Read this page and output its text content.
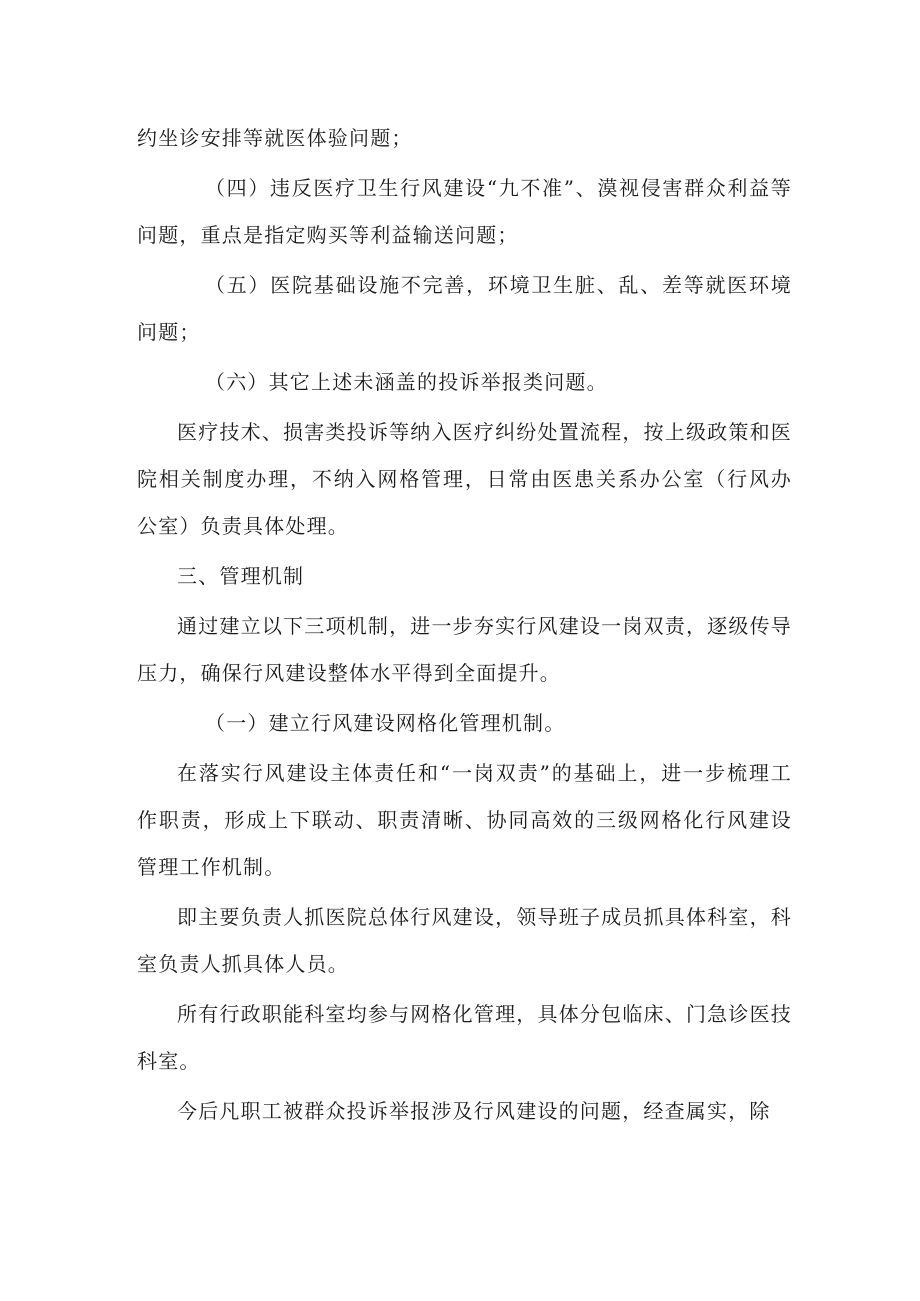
约坐诊安排等就医体验问题；

（四）违反医疗卫生行风建设“九不准”、漠视侵害群众利益等问题，重点是指定购买等利益输送问题；

（五）医院基础设施不完善，环境卫生脏、乱、差等就医环境问题；

（六）其它上述未涵盖的投诉举报类问题。

医疗技术、损害类投诉等纳入医疗纠纷处置流程，按上级政策和医院相关制度办理，不纳入网格管理，日常由医患关系办公室（行风办公室）负责具体处理。

三、管理机制

通过建立以下三项机制，进一步夯实行风建设一岗双责，逐级传导压力，确保行风建设整体水平得到全面提升。

（一）建立行风建设网格化管理机制。

在落实行风建设主体责任和“一岗双责”的基础上，进一步梳理工作职责，形成上下联动、职责清晰、协同高效的三级网格化行风建设管理工作机制。

即主要负责人抓医院总体行风建设，领导班子成员抓具体科室，科室负责人抓具体人员。

所有行政职能科室均参与网格化管理，具体分包临床、门急诊医技科室。

今后凡职工被群众投诉举报涉及行风建设的问题，经查属实，除
